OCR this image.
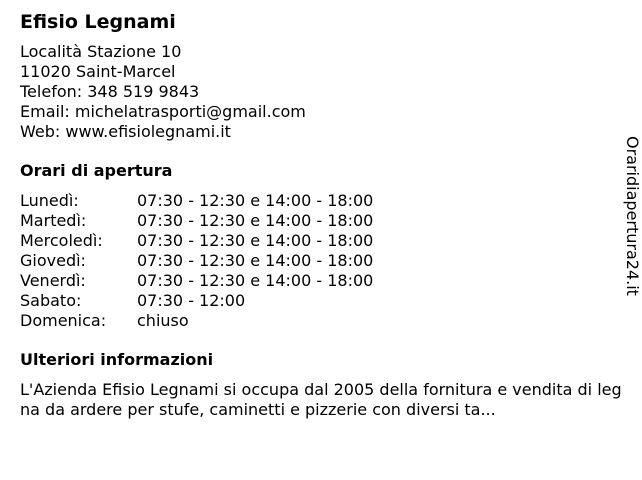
Efisio Legnami
Località Stazione 10
11020 Saint-Marcel
Telefon: 348 519 9843
Email: michelatrasporti@gmail.com
Web: www.efisiolegnami.it
Orari di apertura
Lunedì:	07:30 - 12:30 e 14:00 - 18:00
Martedì:	07:30 - 12:30 e 14:00 - 18:00
Mercoledì:	07:30 - 12:30 e 14:00 - 18:00
Giovedì:	07:30 - 12:30 e 14:00 - 18:00
Venerdì:	07:30 - 12:30 e 14:00 - 18:00
Sabato:	07:30 - 12:00
Domenica:	chiuso
Ulteriori informazioni
L'Azienda Efisio Legnami si occupa dal 2005 della fornitura e vendita di legna da ardere per stufe, caminetti e pizzerie con diversi ta...
Oraridiapertura24.it
